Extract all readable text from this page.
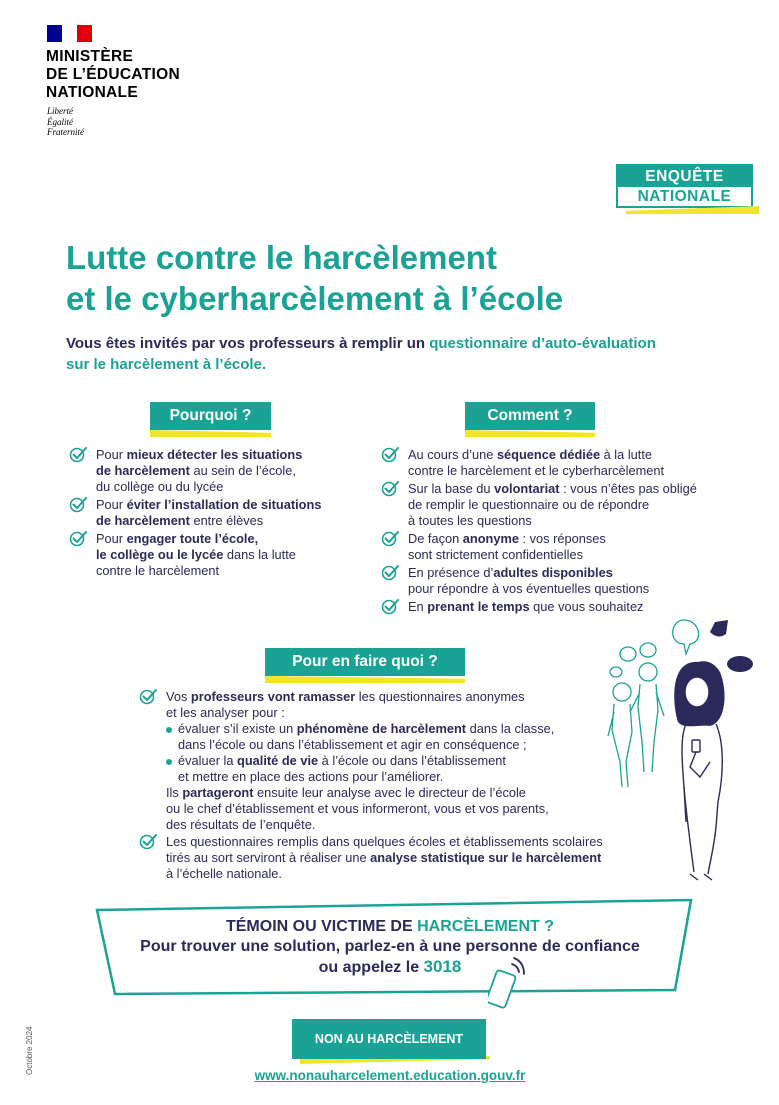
MINISTÈRE
DE L’ÉDUCATION
NATIONALE
Liberté
Égalité
Fraternité
ENQUÊTE
NATIONALE
Lutte contre le harcèlement
et le cyberharcèlement à l’école
Vous êtes invités par vos professeurs à remplir un questionnaire d’auto-évaluation
sur le harcèlement à l’école.
Pourquoi ?
Pour mieux détecter les situations
de harcèlement au sein de l’école,
du collège ou du lycée
Pour éviter l’installation de situations
de harcèlement entre élèves
Pour engager toute l’école,
le collège ou le lycée dans la lutte
contre le harcèlement
Comment ?
Au cours d’une séquence dédiée à la lutte
contre le harcèlement et le cyberharcèlement
Sur la base du volontariat : vous n’êtes pas obligé
de remplir le questionnaire ou de répondre
à toutes les questions
De façon anonyme : vos réponses
sont strictement confidentielles
En présence d’adultes disponibles
pour répondre à vos éventuelles questions
En prenant le temps que vous souhaitez
Pour en faire quoi ?
Vos professeurs vont ramasser les questionnaires anonymes
et les analyser pour :
évaluer s’il existe un phénomène de harcèlement dans la classe,
dans l’école ou dans l’établissement et agir en conséquence ;
évaluer la qualité de vie à l’école ou dans l’établissement
et mettre en place des actions pour l’améliorer.
Ils partageront ensuite leur analyse avec le directeur de l’école
ou le chef d’établissement et vous informeront, vous et vos parents,
des résultats de l’enquête.
Les questionnaires remplis dans quelques écoles et établissements scolaires
tirés au sort serviront à réaliser une analyse statistique sur le harcèlement
à l’échelle nationale.
TÉMOIN OU VICTIME DE HARCÈLEMENT ?
Pour trouver une solution, parlez-en à une personne de confiance
ou appelez le 3018
NON AU HARCÈLEMENT
www.nonauharcelement.education.gouv.fr
Octobre 2024
